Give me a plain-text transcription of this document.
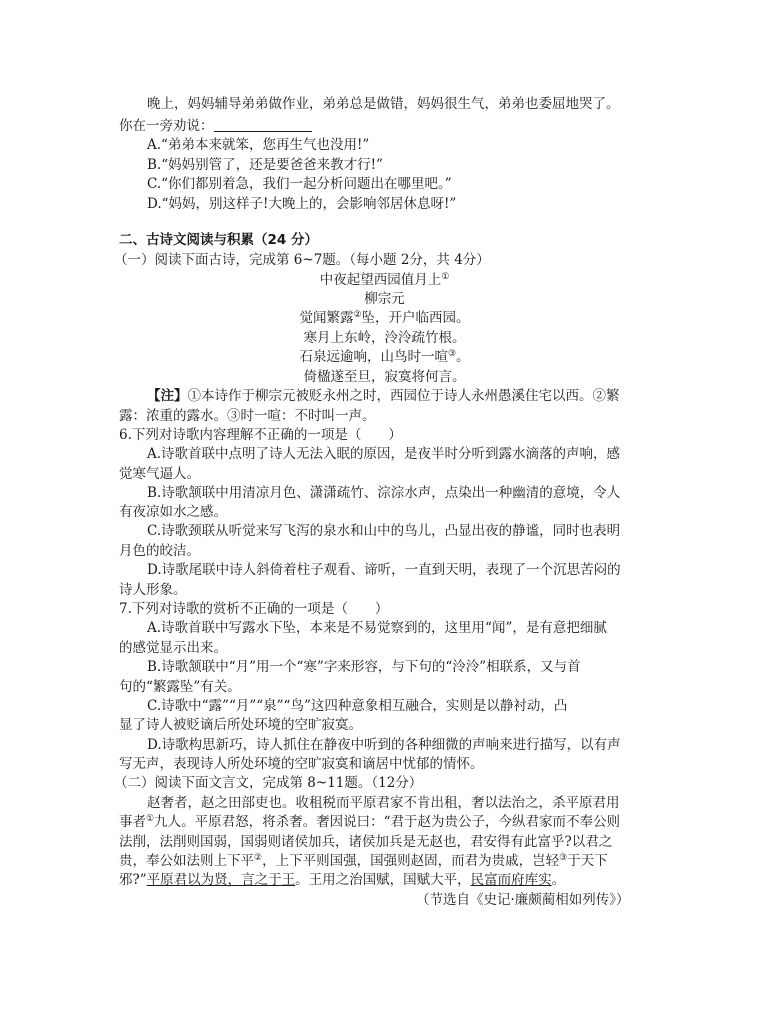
晚上，妈妈辅导弟弟做作业，弟弟总是做错，妈妈很生气，弟弟也委屈地哭了。
你在一旁劝说：
A.“弟弟本来就笨，您再生气也没用!”
B.“妈妈别管了，还是要爸爸来教才行!”
C.“你们都别着急，我们一起分析问题出在哪里吧。”
D.“妈妈，别这样子!大晚上的，会影响邻居休息呀!”
二、古诗文阅读与积累（24 分）
（一）阅读下面古诗，完成第 6~7题。（每小题 2分，共 4分）
中夜起望西园值月上①
柳宗元
觉闻繁露②坠，开户临西园。
寒月上东岭，泠泠疏竹根。
石泉远逾响，山鸟时一喧③。
倚楹遂至旦，寂寞将何言。
【注】①本诗作于柳宗元被贬永州之时，西园位于诗人永州愚溪住宅以西。②繁
露：浓重的露水。③时一喧：不时叫一声。
6.下列对诗歌内容理解不正确的一项是（　　）
A.诗歌首联中点明了诗人无法入眠的原因，是夜半时分听到露水滴落的声响，感
觉寒气逼人。
B.诗歌颔联中用清凉月色、潇潇疏竹、淙淙水声，点染出一种幽清的意境，令人
有夜凉如水之感。
C.诗歌颈联从听觉来写飞泻的泉水和山中的鸟儿，凸显出夜的静谧，同时也表明
月色的皎洁。
D.诗歌尾联中诗人斜倚着柱子观看、谛听，一直到天明，表现了一个沉思苦闷的
诗人形象。
7.下列对诗歌的赏析不正确的一项是（　　）
A.诗歌首联中写露水下坠，本来是不易觉察到的，这里用“闻”，是有意把细腻
的感觉显示出来。
B.诗歌颔联中“月”用一个“寒”字来形容，与下句的“泠泠”相联系，又与首
句的“繁露坠”有关。
C.诗歌中“露”“月”“泉”“鸟”这四种意象相互融合，实则是以静衬动，凸
显了诗人被贬谪后所处环境的空旷寂寞。
D.诗歌构思新巧，诗人抓住在静夜中听到的各种细微的声响来进行描写，以有声
写无声，表现诗人所处环境的空旷寂寞和谪居中忧郁的情怀。
（二）阅读下面文言文，完成第 8~11题。（12分）
赵奢者，赵之田部吏也。收租税而平原君家不肯出租，奢以法治之，杀平原君用
事者①九人。平原君怒，将杀奢。奢因说曰：“君于赵为贵公子，今纵君家而不奉公则
法削，法削则国弱，国弱则诸侯加兵，诸侯加兵是无赵也，君安得有此富乎?以君之
贵，奉公如法则上下平②，上下平则国强，国强则赵固，而君为贵戚，岂轻③于天下
邪?”平原君以为贤，言之于王。王用之治国赋，国赋大平，民富而府库实。
（节选自《史记·廉颇蔺相如列传》）
